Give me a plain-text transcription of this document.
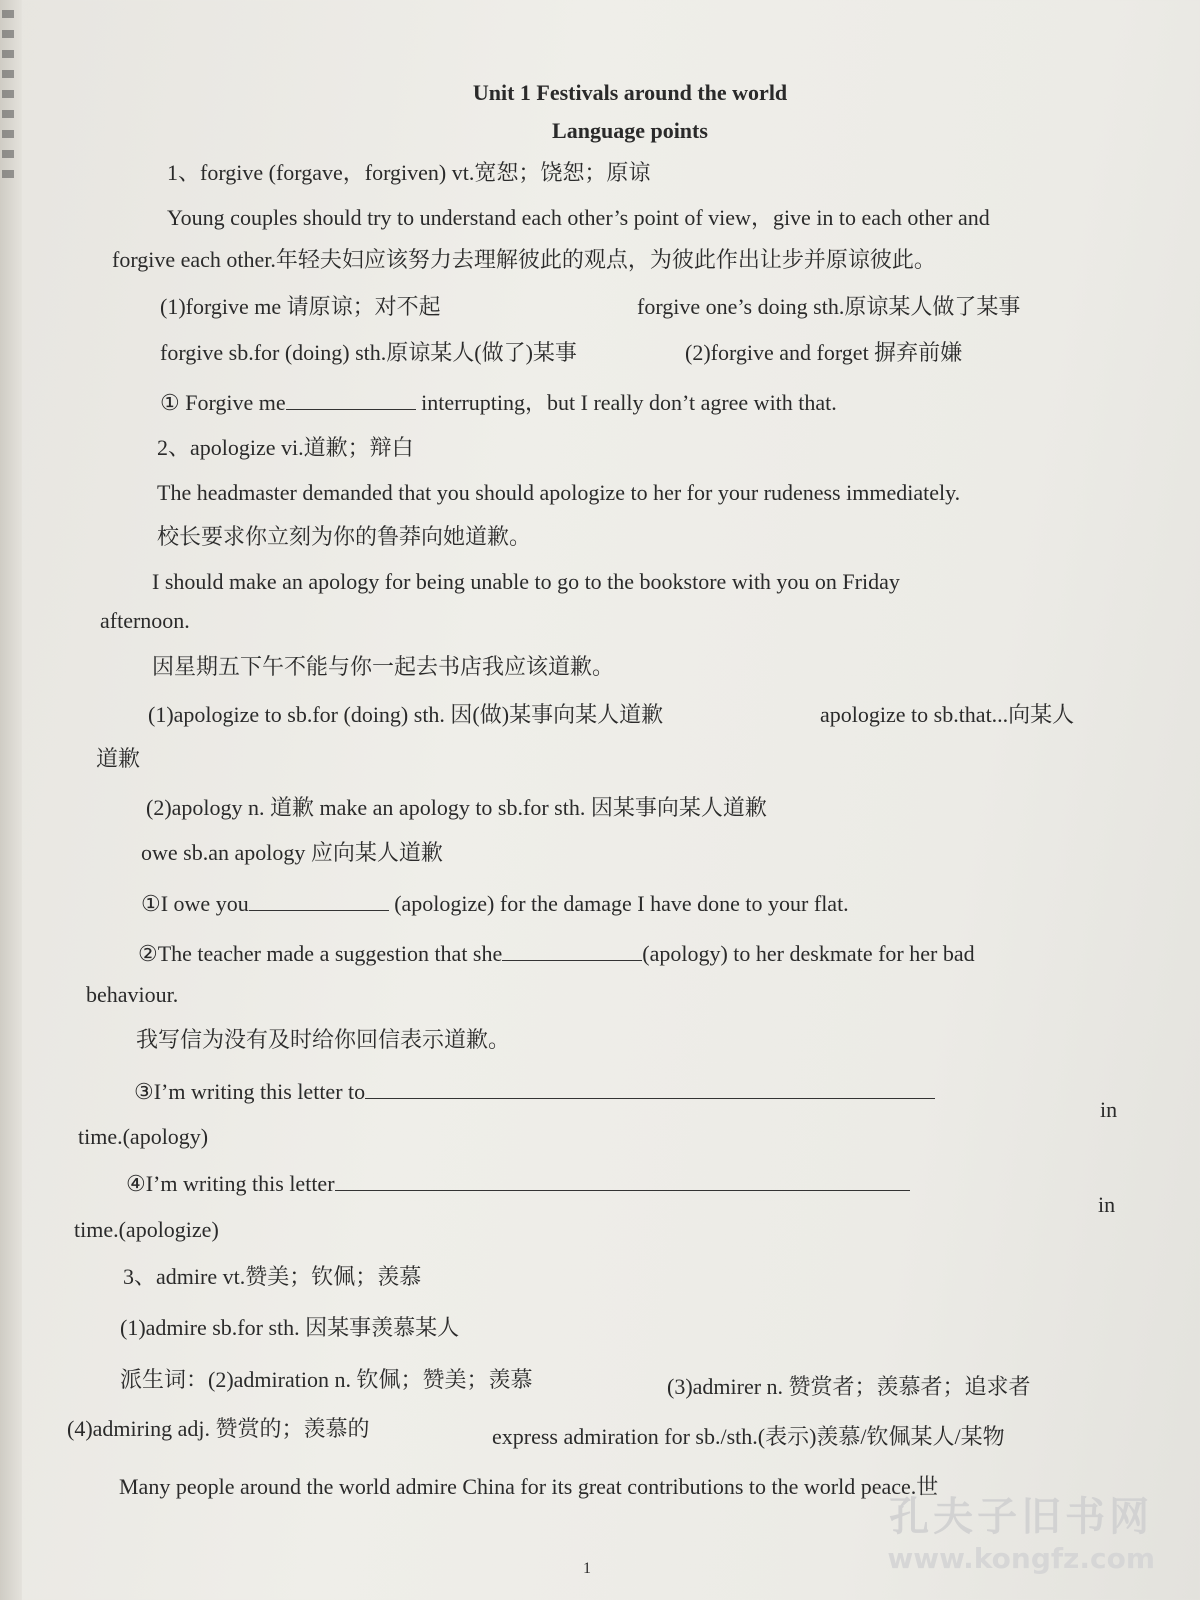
Unit 1 Festivals around the world
Language points
1、forgive (forgave，forgiven) vt.宽恕；饶恕；原谅
Young couples should try to understand each other’s point of view，give in to each other and
forgive each other.年轻夫妇应该努力去理解彼此的观点，为彼此作出让步并原谅彼此。
(1)forgive me 请原谅；对不起	forgive one’s doing sth.原谅某人做了某事
forgive sb.for (doing) sth.原谅某人(做了)某事	(2)forgive and forget 摒弃前嫌
① Forgive me	interrupting，but I really don’t agree with that.
2、apologize vi.道歉；辩白
The headmaster demanded that you should apologize to her for your rudeness immediately.
校长要求你立刻为你的鲁莽向她道歉。
I should make an apology for being unable to go to the bookstore with you on Friday
afternoon.
因星期五下午不能与你一起去书店我应该道歉。
(1)apologize to sb.for (doing) sth. 因(做)某事向某人道歉	apologize to sb.that...向某人
道歉
(2)apology n. 道歉 make an apology to sb.for sth. 因某事向某人道歉
owe sb.an apology 应向某人道歉
①I owe you	(apologize) for the damage I have done to your flat.
②The teacher made a suggestion that she	(apology) to her deskmate for her bad
behaviour.
我写信为没有及时给你回信表示道歉。
③I’m writing this letter to
in
time.(apology)
④I’m writing this letter
in
time.(apologize)
3、admire vt.赞美；钦佩；羡慕
(1)admire sb.for sth. 因某事羡慕某人
派生词：(2)admiration n. 钦佩；赞美；羡慕	(3)admirer n. 赞赏者；羡慕者；追求者
(4)admiring adj. 赞赏的；羡慕的	express admiration for sb./sth.(表示)羡慕/钦佩某人/某物
Many people around the world admire China for its great contributions to the world peace.世
1
孔夫子旧书网
www.kongfz.com
